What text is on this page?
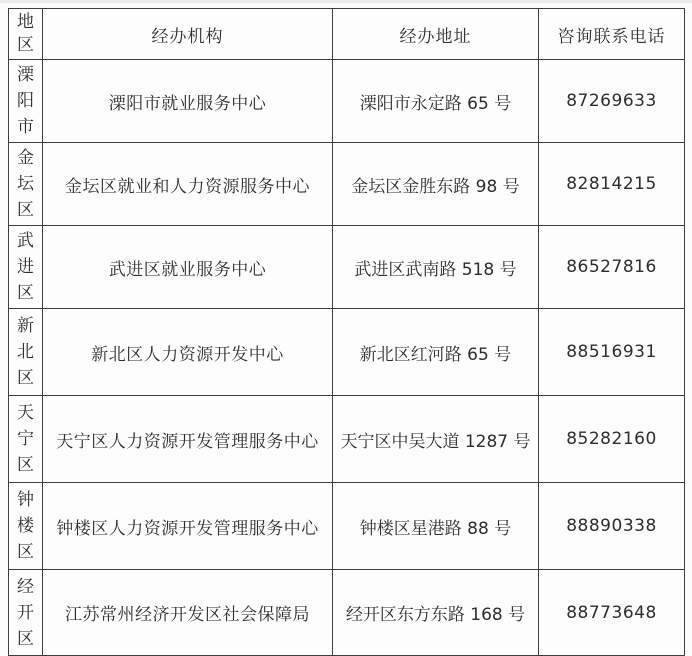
地区	经办机构	经办地址	咨询联系电话
溧阳市	溧阳市就业服务中心	溧阳市永定路 65 号	87269633
金坛区	金坛区就业和人力资源服务中心	金坛区金胜东路 98 号	82814215
武进区	武进区就业服务中心	武进区武南路 518 号	86527816
新北区	新北区人力资源开发中心	新北区红河路 65 号	88516931
天宁区	天宁区人力资源开发管理服务中心	天宁区中吴大道 1287 号	85282160
钟楼区	钟楼区人力资源开发管理服务中心	钟楼区星港路 88 号	88890338
经开区	江苏常州经济开发区社会保障局	经开区东方东路 168 号	88773648
